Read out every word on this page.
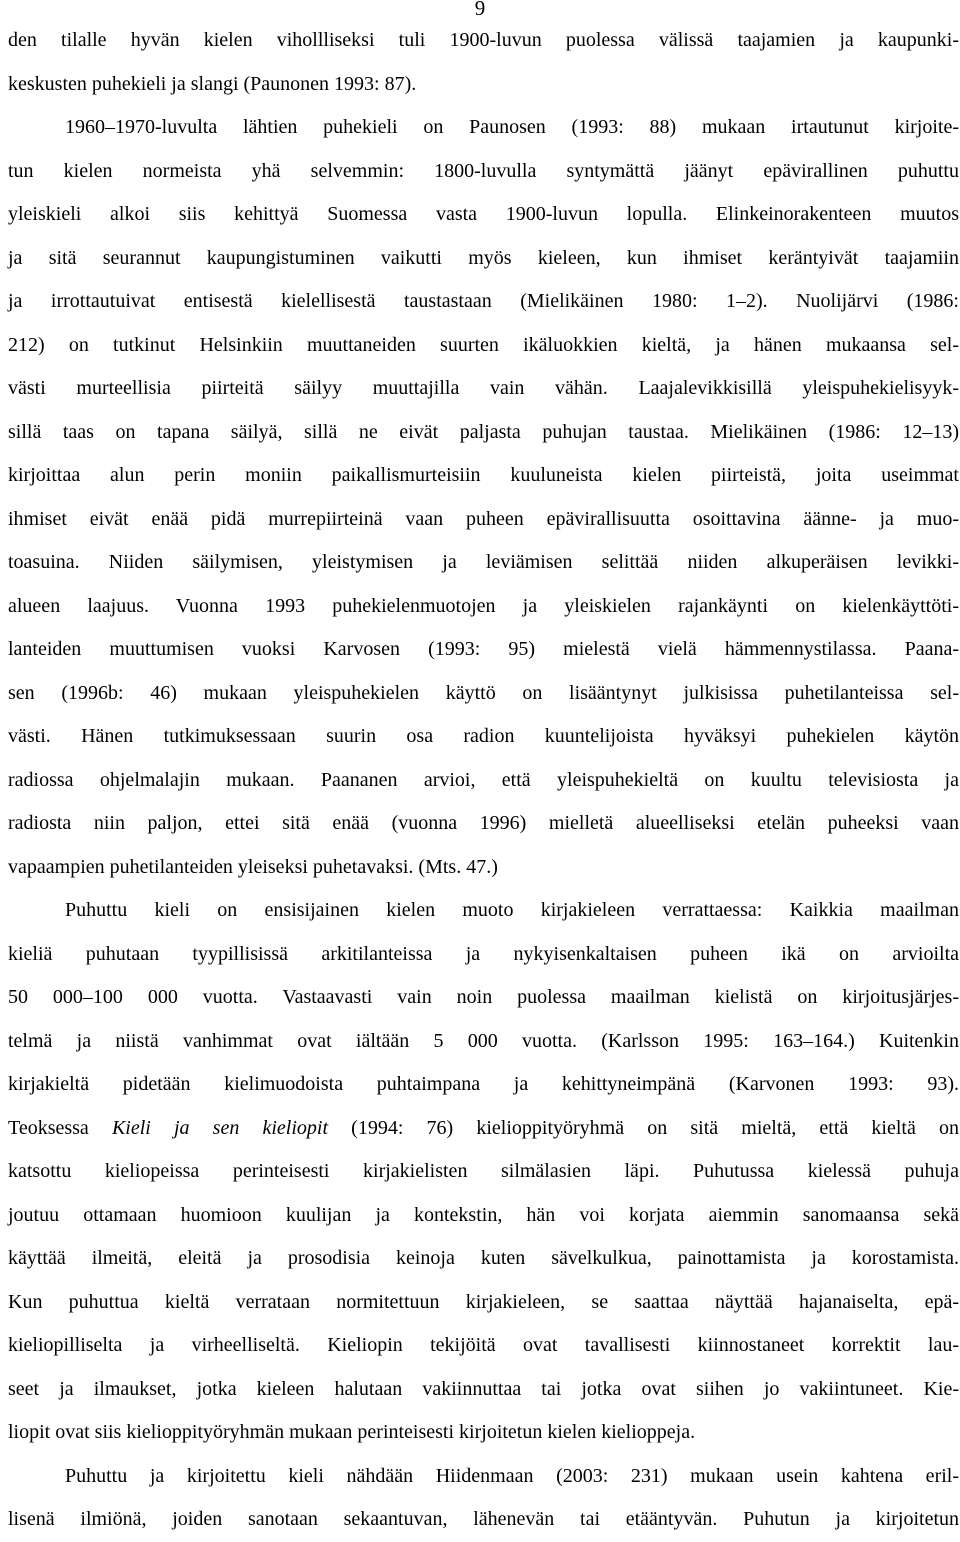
9
den tilalle hyvän kielen vihollliseksi tuli 1900-luvun puolessa välissä taajamien ja kaupunki-
keskusten puhekieli ja slangi (Paunonen 1993: 87).
1960–1970-luvulta lähtien puhekieli on Paunosen (1993: 88) mukaan irtautunut kirjoite-
tun kielen normeista yhä selvemmin: 1800-luvulla syntymättä jäänyt epävirallinen puhuttu
yleiskieli alkoi siis kehittyä Suomessa vasta 1900-luvun lopulla. Elinkeinorakenteen muutos
ja sitä seurannut kaupungistuminen vaikutti myös kieleen, kun ihmiset keräntyivät taajamiin
ja irrottautuivat entisestä kielellisestä taustastaan (Mielikäinen 1980: 1–2). Nuolijärvi (1986:
212) on tutkinut Helsinkiin muuttaneiden suurten ikäluokkien kieltä, ja hänen mukaansa sel-
västi murteellisia piirteitä säilyy muuttajilla vain vähän. Laajalevikkisillä yleispuhekielisyyk-
sillä taas on tapana säilyä, sillä ne eivät paljasta puhujan taustaa. Mielikäinen (1986: 12–13)
kirjoittaa alun perin moniin paikallismurteisiin kuuluneista kielen piirteistä, joita useimmat
ihmiset eivät enää pidä murrepiirteinä vaan puheen epävirallisuutta osoittavina äänne- ja muo-
toasuina. Niiden säilymisen, yleistymisen ja leviämisen selittää niiden alkuperäisen levikki-
alueen laajuus. Vuonna 1993 puhekielenmuotojen ja yleiskielen rajankäynti on kielenkäyttöti-
lanteiden muuttumisen vuoksi Karvosen (1993: 95) mielestä vielä hämmennystilassa. Paana-
sen (1996b: 46) mukaan yleispuhekielen käyttö on lisääntynyt julkisissa puhetilanteissa sel-
västi. Hänen tutkimuksessaan suurin osa radion kuuntelijoista hyväksyi puhekielen käytön
radiossa ohjelmalajin mukaan. Paananen arvioi, että yleispuhekieltä on kuultu televisiosta ja
radiosta niin paljon, ettei sitä enää (vuonna 1996) mielletä alueelliseksi etelän puheeksi vaan
vapaampien puhetilanteiden yleiseksi puhetavaksi. (Mts. 47.)
Puhuttu kieli on ensisijainen kielen muoto kirjakieleen verrattaessa: Kaikkia maailman
kieliä puhutaan tyypillisissä arkitilanteissa ja nykyisenkaltaisen puheen ikä on arvioilta
50 000–100 000 vuotta. Vastaavasti vain noin puolessa maailman kielistä on kirjoitusjärjes-
telmä ja niistä vanhimmat ovat iältään 5 000 vuotta. (Karlsson 1995: 163–164.) Kuitenkin
kirjakieltä pidetään kielimuodoista puhtaimpana ja kehittyneimpänä (Karvonen 1993: 93).
Teoksessa Kieli ja sen kieliopit (1994: 76) kielioppityöryhmä on sitä mieltä, että kieltä on
katsottu kieliopeissa perinteisesti kirjakielisten silmälasien läpi. Puhutussa kielessä puhuja
joutuu ottamaan huomioon kuulijan ja kontekstin, hän voi korjata aiemmin sanomaansa sekä
käyttää ilmeitä, eleitä ja prosodisia keinoja kuten sävelkulkua, painottamista ja korostamista.
Kun puhuttua kieltä verrataan normitettuun kirjakieleen, se saattaa näyttää hajanaiselta, epä-
kieliopilliselta ja virheelliseltä. Kieliopin tekijöitä ovat tavallisesti kiinnostaneet korrektit lau-
seet ja ilmaukset, jotka kieleen halutaan vakiinnuttaa tai jotka ovat siihen jo vakiintuneet. Kie-
liopit ovat siis kielioppityöryhmän mukaan perinteisesti kirjoitetun kielen kielioppeja.
Puhuttu ja kirjoitettu kieli nähdään Hiidenmaan (2003: 231) mukaan usein kahtena eril-
lisenä ilmiönä, joiden sanotaan sekaantuvan, lähenevän tai etääntyvän. Puhutun ja kirjoitetun
